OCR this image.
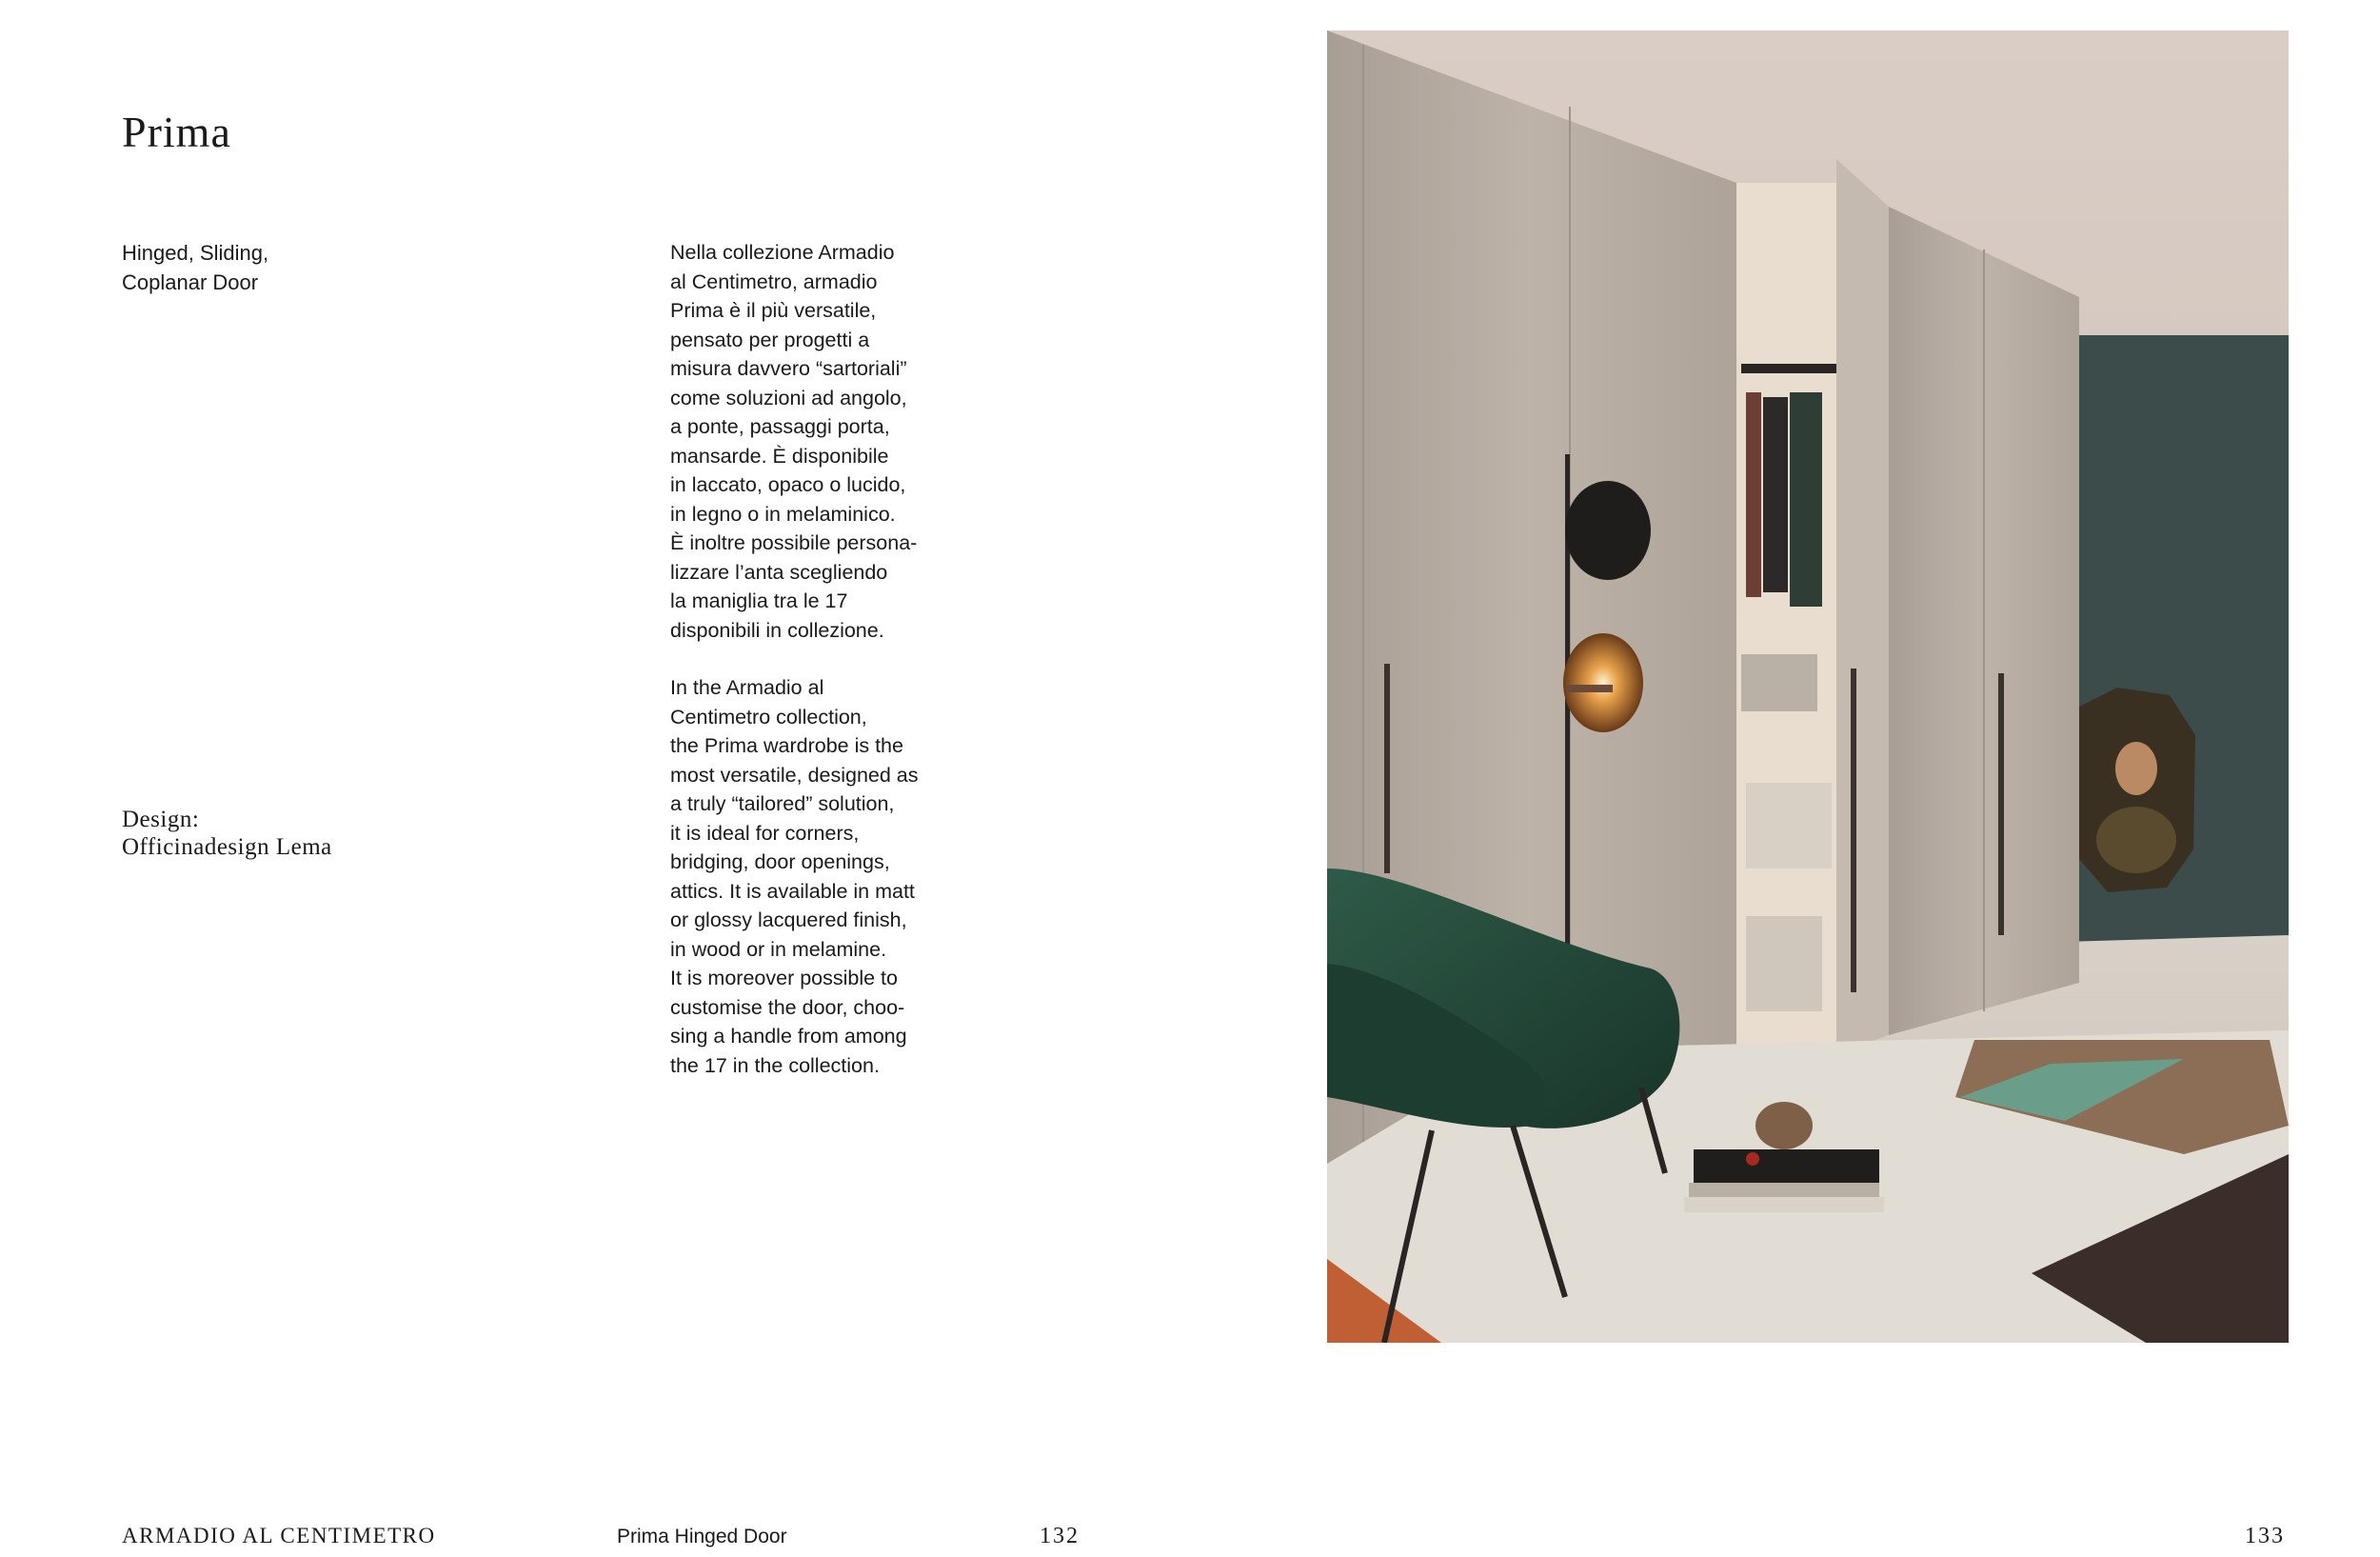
Prima
Hinged, Sliding,
Coplanar Door
Design:
Officinadesign Lema
Nella collezione Armadio
al Centimetro, armadio
Prima è il più versatile,
pensato per progetti a
misura davvero “sartoriali”
come soluzioni ad angolo,
a ponte, passaggi porta,
mansarde. È disponibile
in laccato, opaco o lucido,
in legno o in melaminico.
È inoltre possibile persona-
lizzare l’anta scegliendo
la maniglia tra le 17
disponibili in collezione.
In the Armadio al
Centimetro collection,
the Prima wardrobe is the
most versatile, designed as
a truly “tailored” solution,
it is ideal for corners,
bridging, door openings,
attics. It is available in matt
or glossy lacquered finish,
in wood or in melamine.
It is moreover possible to
customise the door, choo-
sing a handle from among
the 17 in the collection.
ARMADIO AL CENTIMETRO	Prima Hinged Door	132	133
